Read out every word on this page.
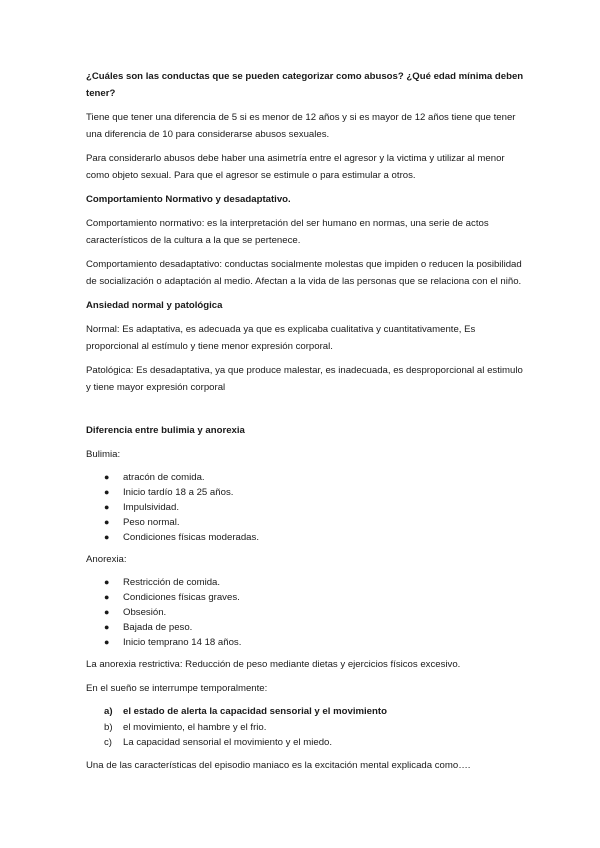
¿Cuáles son las conductas que se pueden categorizar como abusos? ¿Qué edad mínima deben tener?

Tiene que tener una diferencia de 5 si es menor de 12 años y si es mayor de 12 años tiene que tener una diferencia de 10 para considerarse abusos sexuales.

Para considerarlo abusos debe haber una asimetría entre el agresor y la victima y utilizar al menor como objeto sexual. Para que el agresor se estimule o para estimular a otros.

Comportamiento Normativo y desadaptativo.

Comportamiento normativo: es la interpretación del ser humano en normas, una serie de actos característicos de la cultura a la que se pertenece.

Comportamiento desadaptativo: conductas socialmente molestas que impiden o reducen la posibilidad de socialización o adaptación al medio. Afectan a la vida de las personas que se relaciona con el niño.

Ansiedad normal y patológica

Normal: Es adaptativa, es adecuada ya que es explicaba cualitativa y cuantitativamente, Es proporcional al estímulo y tiene menor expresión corporal.

Patológica: Es desadaptativa, ya que produce malestar, es inadecuada, es desproporcional al estimulo y tiene mayor expresión corporal

Diferencia entre bulimia y anorexia

Bulimia:

● atracón de comida.
● Inicio tardío 18 a 25 años.
● Impulsividad.
● Peso normal.
● Condiciones físicas moderadas.

Anorexia:

● Restricción de comida.
● Condiciones físicas graves.
● Obsesión.
● Bajada de peso.
● Inicio temprano 14 18 años.

La anorexia restrictiva: Reducción de peso mediante dietas y ejercicios físicos excesivo.

En el sueño se interrumpe temporalmente:

a) el estado de alerta la capacidad sensorial y el movimiento
b) el movimiento, el hambre y el frio.
c) La capacidad sensorial el movimiento y el miedo.

Una de las características del episodio maniaco es la excitación mental explicada como….
